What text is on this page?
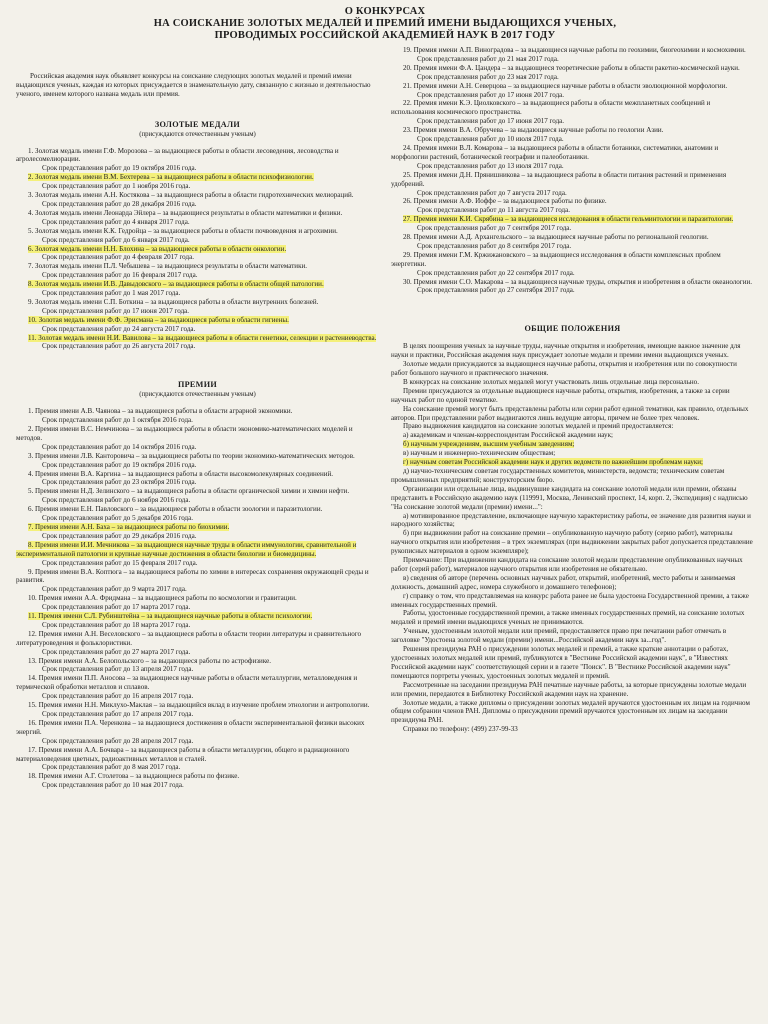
О КОНКУРСАХ
НА СОИСКАНИЕ ЗОЛОТЫХ МЕДАЛЕЙ И ПРЕМИЙ ИМЕНИ ВЫДАЮЩИХСЯ УЧЕНЫХ,
ПРОВОДИМЫХ РОССИЙСКОЙ АКАДЕМИЕЙ НАУК В 2017 ГОДУ

Российская академия наук объявляет конкурсы на соискание следующих золотых медалей и премий имени выдающихся ученых, каждая из которых присуждается в знаменательную дату, связанную с жизнью и деятельностью ученого, именем которого названа медаль или премия.

ЗОЛОТЫЕ МЕДАЛИ

(присуждаются отечественным ученым)

1. Золотая медаль имени Г.Ф. Морозова – за выдающиеся работы в области лесоведения, лесоводства и агролесомелиорации.

Срок представления работ до 19 октября 2016 года.

2. Золотая медаль имени В.М. Бехтерева – за выдающиеся работы в области психофизиологии.

Срок представления работ до 1 ноября 2016 года.

3. Золотая медаль имени А.Н. Костякова – за выдающиеся работы в области гидротехнических мелиораций.

Срок представления работ до 28 декабря 2016 года.

4. Золотая медаль имени Леонарда Эйлера – за выдающиеся результаты в области математики и физики.

Срок представления работ до 4 января 2017 года.

5. Золотая медаль имени К.К. Гедройца – за выдающиеся работы в области почвоведения и агрохимии.

Срок представления работ до 6 января 2017 года.

6. Золотая медаль имени Н.Н. Блохина – за выдающиеся работы в области онкологии.

Срок представления работ до 4 февраля 2017 года.

7. Золотая медаль имени П.Л. Чебышева – за выдающиеся результаты в области математики.

Срок представления работ до 16 февраля 2017 года.

8. Золотая медаль имени И.В. Давыдовского – за выдающиеся работы в области общей патологии.

Срок представления работ до 1 мая 2017 года.

9. Золотая медаль имени С.П. Боткина – за выдающиеся работы в области внутренних болезней.

Срок представления работ до 17 июня 2017 года.

10. Золотая медаль имени Ф.Ф. Эрисмана – за выдающиеся работы в области гигиены.

Срок представления работ до 24 августа 2017 года.

11. Золотая медаль имени Н.И. Вавилова – за выдающиеся работы в области генетики, селекции и растениеводства.

Срок представления работ до 26 августа 2017 года.

ПРЕМИИ

(присуждаются отечественным ученым)

1. Премия имени А.В. Чаянова – за выдающиеся работы в области аграрной экономики.

Срок представления работ до 1 октября 2016 года.

2. Премия имени В.С. Немчинова – за выдающиеся работы в области экономико-математических моделей и методов.

Срок представления работ до 14 октября 2016 года.

3. Премия имени Л.В. Канторовича – за выдающиеся работы по теории экономико-математических методов.

Срок представления работ до 19 октября 2016 года.

4. Премия имени В.А. Каргина – за выдающиеся работы в области высокомолекулярных соединений.

Срок представления работ до 23 октября 2016 года.

5. Премия имени Н.Д. Зелинского – за выдающиеся работы в области органической химии и химии нефти.

Срок представления работ до 6 ноября 2016 года.

6. Премия имени Е.Н. Павловского – за выдающиеся работы в области зоологии и паразитологии.

Срок представления работ до 5 декабря 2016 года.

7. Премия имени А.Н. Баха – за выдающиеся работы по биохимии.

Срок представления работ до 29 декабря 2016 года.

8. Премия имени И.И. Мечникова – за выдающиеся научные труды в области иммунологии, сравнительной и экспериментальной патологии и крупные научные достижения в области биологии и биомедицины.

Срок представления работ до 15 февраля 2017 года.

9. Премия имени В.А. Коптюга – за выдающиеся работы по химии в интересах сохранения окружающей среды и развития.

Срок представления работ до 9 марта 2017 года.

10. Премия имени А.А. Фридмана – за выдающиеся работы по космологии и гравитации.

Срок представления работ до 17 марта 2017 года.

11. Премия имени С.Л. Рубинштейна – за выдающиеся научные работы в области психологии.

Срок представления работ до 18 марта 2017 года.

12. Премия имени А.Н. Веселовского – за выдающиеся работы в области теории литературы и сравнительного литературоведения и фольклористики.

Срок представления работ до 27 марта 2017 года.

13. Премия имени А.А. Белопольского – за выдающиеся работы по астрофизике.

Срок представления работ до 13 апреля 2017 года.

14. Премия имени П.П. Аносова – за выдающиеся научные работы в области металлургии, металловедения и термической обработки металлов и сплавов.

Срок представления работ до 16 апреля 2017 года.

15. Премия имени Н.Н. Миклухо-Маклая – за выдающийся вклад в изучение проблем этнологии и антропологии.

Срок представления работ до 17 апреля 2017 года.

16. Премия имени П.А. Черенкова – за выдающиеся достижения в области экспериментальной физики высоких энергий.

Срок представления работ до 28 апреля 2017 года.

17. Премия имени А.А. Бочвара – за выдающиеся работы в области металлургии, общего и радиационного материаловедения цветных, радиоактивных металлов и сталей.

Срок представления работ до 8 мая 2017 года.

18. Премия имени А.Г. Столетова – за выдающиеся работы по физике.

Срок представления работ до 10 мая 2017 года.

19. Премия имени А.П. Виноградова – за выдающиеся научные работы по геохимии, биогеохимии и космохимии.

Срок представления работ до 21 мая 2017 года.

20. Премия имени Ф.А. Цандера – за выдающиеся теоретические работы в области ракетно-космической науки.

Срок представления работ до 23 мая 2017 года.

21. Премия имени А.Н. Северцова – за выдающиеся научные работы в области эволюционной морфологии.

Срок представления работ до 17 июня 2017 года.

22. Премия имени К.Э. Циолковского – за выдающиеся работы в области межпланетных сообщений и использования космического пространства.

Срок представления работ до 17 июня 2017 года.

23. Премия имени В.А. Обручева – за выдающиеся научные работы по геологии Азии.

Срок представления работ до 10 июля 2017 года.

24. Премия имени В.Л. Комарова – за выдающиеся работы в области ботаники, систематики, анатомии и морфологии растений, ботанической географии и палеоботаники.

Срок представления работ до 13 июля 2017 года.

25. Премия имени Д.Н. Прянишникова – за выдающиеся работы в области питания растений и применения удобрений.

Срок представления работ до 7 августа 2017 года.

26. Премия имени А.Ф. Иоффе – за выдающиеся работы по физике.

Срок представления работ до 11 августа 2017 года.

27. Премия имени К.И. Скрябина – за выдающиеся исследования в области гельминтологии и паразитологии.

Срок представления работ до 7 сентября 2017 года.

28. Премия имени А.Д. Архангельского – за выдающиеся научные работы по региональной геологии.

Срок представления работ до 8 сентября 2017 года.

29. Премия имени Г.М. Кржижановского – за выдающиеся исследования в области комплексных проблем энергетики.

Срок представления работ до 22 сентября 2017 года.

30. Премия имени С.О. Макарова – за выдающиеся научные труды, открытия и изобретения в области океанологии.

Срок представления работ до 27 сентября 2017 года.

ОБЩИЕ ПОЛОЖЕНИЯ

В целях поощрения ученых за научные труды, научные открытия и изобретения, имеющие важное значение для науки и практики, Российская академия наук присуждает золотые медали и премии имени выдающихся ученых.

Золотые медали присуждаются за выдающиеся научные работы, открытия и изобретения или по совокупности работ большого научного и практического значения.

В конкурсах на соискание золотых медалей могут участвовать лишь отдельные лица персонально.

Премии присуждаются за отдельные выдающиеся научные работы, открытия, изобретения, а также за серии научных работ по единой тематике.

На соискание премий могут быть представлены работы или серии работ единой тематики, как правило, отдельных авторов. При представлении работ выдвигаются лишь ведущие авторы, причем не более трех человек.

Право выдвижения кандидатов на соискание золотых медалей и премий предоставляется:

а) академикам и членам-корреспондентам Российской академии наук;

б) научным учреждениям, высшим учебным заведениям;

в) научным и инженерно-техническим обществам;

г) научным советам Российской академии наук и других ведомств по важнейшим проблемам науки;

д) научно-техническим советам государственных комитетов, министерств, ведомств; техническим советам промышленных предприятий; конструкторским бюро.

Организации или отдельные лица, выдвинувшие кандидата на соискание золотой медали или премии, обязаны представить в Российскую академию наук (119991, Москва, Ленинский проспект, 14, корп. 2, Экспедиция) с надписью "На соискание золотой медали (премии) имени...":

а) мотивированное представление, включающее научную характеристику работы, ее значение для развития науки и народного хозяйства;

б) при выдвижении работ на соискание премии – опубликованную научную работу (серию работ), материалы научного открытия или изобретения – в трех экземплярах (при выдвижении закрытых работ допускается представление рукописных материалов в одном экземпляре);

Примечание: При выдвижении кандидата на соискание золотой медали представление опубликованных научных работ (серий работ), материалов научного открытия или изобретения не обязательно.

в) сведения об авторе (перечень основных научных работ, открытий, изобретений, место работы и занимаемая должность, домашний адрес, номера служебного и домашнего телефонов);

г) справку о том, что представляемая на конкурс работа ранее не была удостоена Государственной премии, а также именных государственных премий.

Работы, удостоенные государственной премии, а также именных государственных премий, на соискание золотых медалей и премий имени выдающихся ученых не принимаются.

Ученым, удостоенным золотой медали или премий, предоставляется право при печатании работ отмечать в заголовке "Удостоена золотой медали (премии) имени...Российской академии наук за...год".

Решения президиума РАН о присуждении золотых медалей и премий, а также краткие аннотации о работах, удостоенных золотых медалей или премий, публикуются в "Вестнике Российской академии наук", в "Известиях Российской академии наук" соответствующей серии и в газете "Поиск". В "Вестнике Российской академии наук" помещаются портреты ученых, удостоенных золотых медалей и премий.

Рассмотренные на заседании президиума РАН печатные научные работы, за которые присуждены золотые медали или премии, передаются в Библиотеку Российской академии наук на хранение.

Золотые медали, а также дипломы о присуждении золотых медалей вручаются удостоенным их лицам на годичном общем собрании членов РАН. Дипломы о присуждении премий вручаются удостоенным их лицам на заседании президиума РАН.

Справки по телефону: (499) 237-99-33
